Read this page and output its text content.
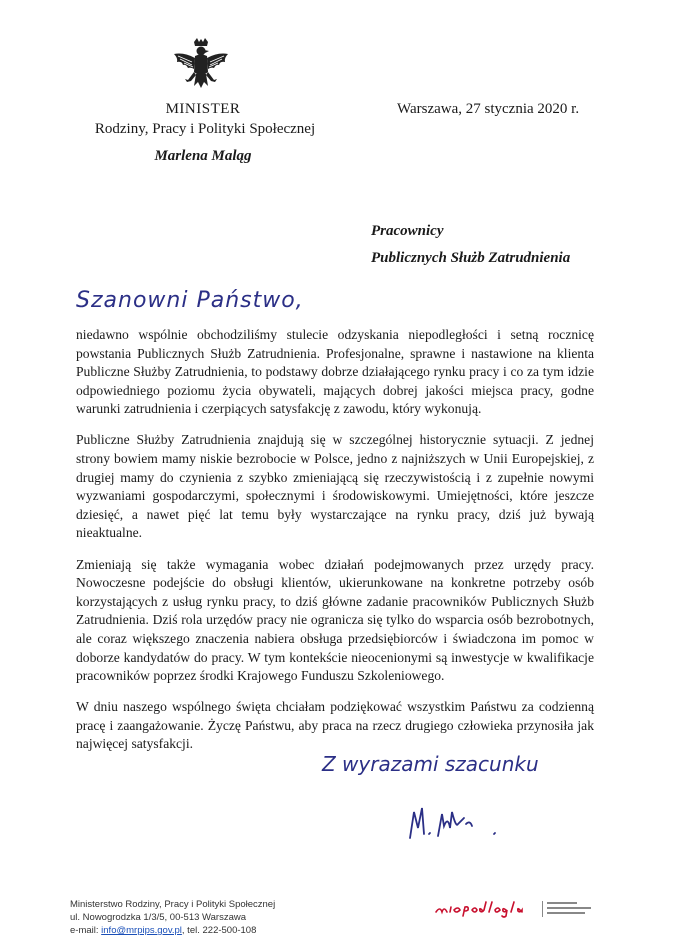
MINISTER
Rodziny, Pracy i Polityki Społecznej
Marlena Maląg
Warszawa, 27 stycznia 2020 r.
Pracownicy
Publicznych Służb Zatrudnienia
Szanowni Państwo,

niedawno wspólnie obchodziliśmy stulecie odzyskania niepodległości i setną rocznicę powstania Publicznych Służb Zatrudnienia. Profesjonalne, sprawne i nastawione na klienta Publiczne Służby Zatrudnienia, to podstawy dobrze działającego rynku pracy i co za tym idzie odpowiedniego poziomu życia obywateli, mających dobrej jakości miejsca pracy, godne warunki zatrudnienia i czerpiących satysfakcję z zawodu, który wykonują.

Publiczne Służby Zatrudnienia znajdują się w szczególnej historycznie sytuacji. Z jednej strony bowiem mamy niskie bezrobocie w Polsce, jedno z najniższych w Unii Europejskiej, z drugiej mamy do czynienia z szybko zmieniającą się rzeczywistością i z zupełnie nowymi wyzwaniami gospodarczymi, społecznymi i środowiskowymi. Umiejętności, które jeszcze dziesięć, a nawet pięć lat temu były wystarczające na rynku pracy, dziś już bywają nieaktualne.

Zmieniają się także wymagania wobec działań podejmowanych przez urzędy pracy. Nowoczesne podejście do obsługi klientów, ukierunkowane na konkretne potrzeby osób korzystających z usług rynku pracy, to dziś główne zadanie pracowników Publicznych Służb Zatrudnienia. Dziś rola urzędów pracy nie ogranicza się tylko do wsparcia osób bezrobotnych, ale coraz większego znaczenia nabiera obsługa przedsiębiorców i świadczona im pomoc w doborze kandydatów do pracy. W tym kontekście nieocenionymi są inwestycje w kwalifikacje pracowników poprzez środki Krajowego Funduszu Szkoleniowego.

W dniu naszego wspólnego święta chciałam podziękować wszystkim Państwu za codzienną pracę i zaangażowanie. Życzę Państwu, aby praca na rzecz drugiego człowieka przynosiła jak najwięcej satysfakcji.

Z wyrazami szacunku
Ministerstwo Rodziny, Pracy i Polityki Społecznej
ul. Nowogrodzka 1/3/5, 00-513 Warszawa
e-mail: info@mrpips.gov.pl, tel. 222-500-108
